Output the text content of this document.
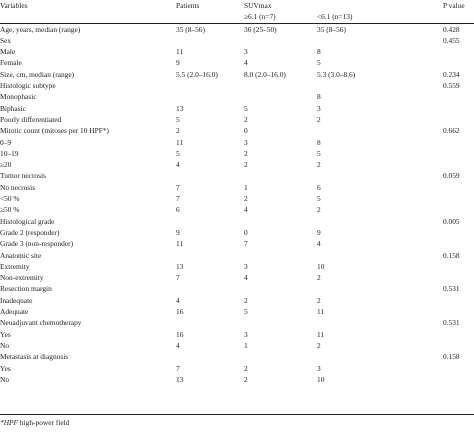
Variables	Patients	SUVmax		P value
		≥6.1 (n=7)	<6.1 (n=13)	
Age, years, median (range)	35 (8–56)	36 (25–50)	35 (8–56)	0.428
Sex				0.455
Male	11	3	8	
Female	9	4	5	
Size, cm, median (range)	5.5 (2.0–16.0)	8.0 (2.0–16.0)	5.3 (3.0–8.6)	0.234
Histologic subtype				0.559
Monophasic			8	
Biphasic	13	5	3	
Poorly differentiated	5	2	2	
Mitotic count (mitoses per 10 HPF*)	2	0		0.662
0–9	11	3	8	
10–19	5	2	5	
≥20	4	2	2	
Tumor necrosis				0.059
No necrosis	7	1	6	
<50 %	7	2	5	
≥50 %	6	4	2	
Histological grade				0.005
Grade 2 (responder)	9	0	9	
Grade 3 (non-responder)	11	7	4	
Anatomic site				0.158
Extremity	13	3	10	
Non-extremity	7	4	2	
Resection margin				0.531
Inadequate	4	2	2	
Adequate	16	5	11	
Neoadjuvant chemotherapy				0.531
Yes	16	3	11	
No	4	1	2	
Metastasis at diagnosis				0.158
Yes	7	2	3	
No	13	2	10	
*HPF high-power field
